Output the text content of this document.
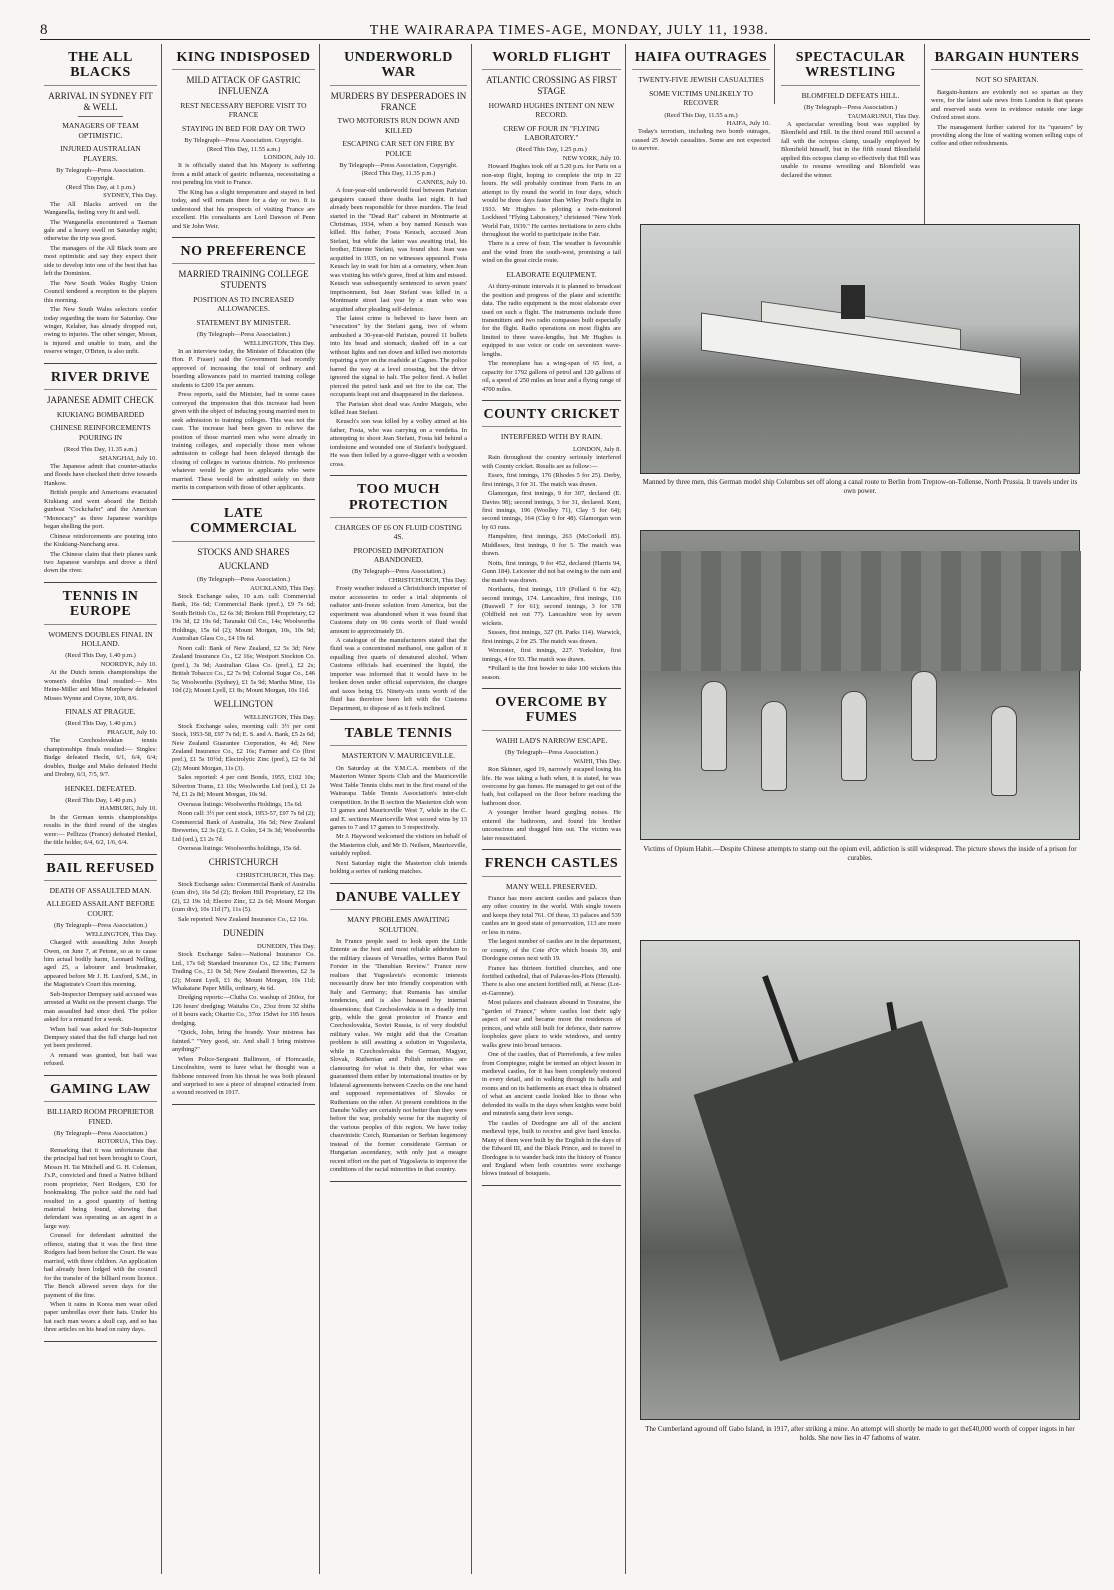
8	THE WAIRARAPA TIMES-AGE, MONDAY, JULY 11, 1938.
THE ALL BLACKS
ARRIVAL IN SYDNEY FIT & WELL
MANAGERS OF TEAM OPTIMISTIC.
INJURED AUSTRALIAN PLAYERS.
By Telegraph—Press Association. Copyright.
(Recd This Day, at 1 p.m.)
SYDNEY, This Day.

The All Blacks arrived on the Wanganella, feeling very fit and well.

The Wanganella encountered a Tasman gale and a heavy swell on Saturday night; otherwise the trip was good.

The managers of the All Black team are most optimistic and say they expect their side to develop into one of the best that has left the Dominion.

The New South Wales Rugby Union Council tendered a reception to the players this morning.

The New South Wales selectors confer today regarding the team for Saturday. One winger, Kelaher, has already dropped out, owing to injuries. The other winger, Moran, is injured and unable to train, and the reserve winger, O'Brien, is also unfit.

RIVER DRIVE
JAPANESE ADMIT CHECK
KIUKIANG BOMBARDED
CHINESE REINFORCEMENTS POURING IN
(Recd This Day, 11.35 a.m.)
SHANGHAI, July 10.

The Japanese admit that counter-attacks and floods have checked their drive towards Hankow.

British people and Americans evacuated Kiukiang and went aboard the British gunboat "Cockchafer" and the American "Monocacy" as three Japanese warships began shelling the port.

Chinese reinforcements are pouring into the Kiukiang-Nanchang area.

The Chinese claim that their planes sank two Japanese warships and drove a third down the river.

TENNIS IN EUROPE
WOMEN'S DOUBLES FINAL IN HOLLAND.
(Recd This Day, 1.40 p.m.)
NOORDYK, July 10.

At the Dutch tennis championships the women's doubles final resulted:— Mrs Heine-Miller and Miss Morpherw defeated Misses Wynne and Coyne, 10/8, 8/6.

FINALS AT PRAGUE.
(Recd This Day, 1.40 p.m.)
PRAGUE, July 10.

The Czechoslovakian tennis championships finals resulted:— Singles: Budge defeated Hecht, 6/1, 6/4, 6/4; doubles, Budge and Mako defeated Hecht and Drobny, 6/3, 7/5, 9/7.

HENKEL DEFEATED.
(Recd This Day, 1.40 p.m.)
HAMBURG, July 10.

In the German tennis championships results in the third round of the singles were:— Pellizza (France) defeated Henkel, the title holder, 6/4, 6/2, 1/6, 6/4.

BAIL REFUSED
DEATH OF ASSAULTED MAN.
ALLEGED ASSAILANT BEFORE COURT.
(By Telegraph—Press Association.)
WELLINGTON, This Day.

Charged with assaulting John Joseph Owen, on June 7, at Petone, so as to cause him actual bodily harm, Leonard Nelling, aged 25, a labourer and brushmaker, appeared before Mr J. H. Luxford, S.M., in the Magistrate's Court this morning.

Sub-Inspector Dempsey said accused was arrested at Waihi on the present charge. The man assaulted had since died. The police asked for a remand for a week.

When bail was asked for Sub-Inspector Dempsey stated that the full charge had not yet been preferred.

A remand was granted, but bail was refused.

GAMING LAW
BILLIARD ROOM PROPRIETOR FINED.
(By Telegraph—Press Association.)
ROTORUA, This Day.

Remarking that it was unfortunate that the principal had not been brought to Court, Messrs H. Tai Mitchell and G. H. Coleman, J's.P., convicted and fined a Native billiard room proprietor, Neri Rodgers, £30 for bookmaking. The police said the raid had resulted in a good quantity of betting material being found, showing that defendant was operating as an agent in a large way.

Counsel for defendant admitted the offence, stating that it was the first time Rodgers had been before the Court. He was married, with three children. An application had already been lodged with the council for the transfer of the billiard room licence. The Bench allowed seven days for the payment of the fine.

When it rains in Korea men wear oiled paper umbrellas over their hats. Under his hat each man wears a skull cap, and so has three articles on his head on rainy days.

KING INDISPOSED
MILD ATTACK OF GASTRIC INFLUENZA
REST NECESSARY BEFORE VISIT TO FRANCE
STAYING IN BED FOR DAY OR TWO
By Telegraph—Press Association. Copyright.
(Recd This Day, 11.55 a.m.)
LONDON, July 10.

It is officially stated that his Majesty is suffering from a mild attack of gastric influenza, necessitating a rest pending his visit to France.

The King has a slight temperature and stayed in bed today, and will remain there for a day or two. It is understood that his prospects of visiting France are excellent. His consultants are Lord Dawson of Penn and Sir John Weir.

NO PREFERENCE
MARRIED TRAINING COLLEGE STUDENTS
POSITION AS TO INCREASED ALLOWANCES.
STATEMENT BY MINISTER.
(By Telegraph—Press Association.)
WELLINGTON, This Day.

In an interview today, the Minister of Education (the Hon. P. Fraser) said the Government had recently approved of increasing the total of ordinary and boarding allowances paid to married training college students to £209 15s per annum.

Press reports, said the Minister, had in some cases conveyed the impression that this increase had been given with the object of inducing young married men to seek admission to training colleges. This was not the case. The increase had been given to relieve the position of those married men who were already in training colleges, and especially those men whose admission to college had been delayed through the closing of colleges in various districts. No preference whatever would be given to applicants who were married. These would be admitted solely on their merits in comparison with those of other applicants.

LATE COMMERCIAL
STOCKS AND SHARES
AUCKLAND
(By Telegraph—Press Association.)
AUCKLAND, This Day.

Stock Exchange sales, 10 a.m. call: Commercial Bank, 16s 6d; Commercial Bank (pref.), £9 7s 6d; South British Co., £2 6s 3d; Broken Hill Proprietary, £2 19s 3d, £2 19s 6d; Taranaki Oil Co., 14s; Woolworths Holdings, 15s 6d (2); Mount Morgan, 10s, 10s 9d; Australian Glass Co., £4 19s 6d.

Noon call: Bank of New Zealand, £2 5s 3d; New Zealand Insurance Co., £2 16s; Westport Stockton Co. (pref.), 3s 9d; Australian Glass Co. (pref.), £2 2s; British Tobacco Co., £2 7s 9d; Colonial Sugar Co., £46 5s; Woolworths (Sydney), £1 5s 9d; Martha Mine, 11s 10d (2); Mount Lyell, £1 8s; Mount Morgan, 10s 11d.

WELLINGTON
WELLINGTON, This Day.

Stock Exchange sales, morning call: 3½ per cent Stock, 1953-58, £97 7s 6d; E. S. and A. Bank, £5 2s 6d; New Zealand Guarantee Corporation, 4s 4d; New Zealand Insurance Co., £2 16s; Farmer and Co (first pref.), £1 5s 10½d; Electrolytic Zinc (pref.), £2 6s 3d (2); Mount Morgan, 11s (3).

Sales reported: 4 per cent Bonds, 1955, £102 10s; Silverton Trams, £1 10s; Woolworths Ltd (ord.), £1 2s 7d, £1 2s 8d; Mount Morgan, 10s 9d.

Overseas listings: Woolworths Holdings, 15s 6d.

Noon call: 3½ per cent stock, 1953-57, £97 7s 6d (2); Commercial Bank of Australia, 16s 5d; New Zealand Breweries, £2 3s (2); G. J. Coles, £4 3s 3d; Woolworths Ltd (ord.), £1 2s 7d.

Overseas listings: Woolworths holdings, 15s 6d.

CHRISTCHURCH
CHRISTCHURCH, This Day.

Stock Exchange sales: Commercial Bank of Australia (cum div), 16s 5d (2); Broken Hill Proprietary, £2 19s (2), £2 19s 1d; Electro Zinc, £2 2s 6d; Mount Morgan (cum div), 10s 11d (7), 11s (5).

Sale reported: New Zealand Insurance Co., £2 16s.

DUNEDIN
DUNEDIN, This Day.

Stock Exchange Sales:—National Insurance Co. Ltd., 17s 6d; Standard Insurance Co., £2 18s; Farmers Trading Co., £1 0s 5d; New Zealand Breweries, £2 3s (2); Mount Lyell, £1 8s; Mount Morgan, 10s 11d; Whakatane Paper Mills, ordinary, 4s 6d.

Dredging reports:—Clutha Co. washup of 260oz, for 126 hours' dredging; Waitahu Co., 23oz from 32 shifts of 8 hours each; Okarito Co., 37oz 15dwt for 195 hours dredging.

"Quick, John, bring the brandy. Your mistress has fainted." "Very good, sir. And shall I bring mistress anything?"

When Police-Sergeant Bullimore, of Horncastle, Lincolnshire, went to have what he thought was a fishbone removed from his throat he was both pleased and surprised to see a piece of shrapnel extracted from a wound received in 1917.

UNDERWORLD WAR
MURDERS BY DESPERADOES IN FRANCE
TWO MOTORISTS RUN DOWN AND KILLED
ESCAPING CAR SET ON FIRE BY POLICE
By Telegraph—Press Association, Copyright.
(Recd This Day, 11.35 p.m.)
CANNES, July 10.

A four-year-old underworld feud between Parisian gangsters caused three deaths last night. It had already been responsible for three murders. The feud started in the "Dead Rat" cabaret in Montmarte at Christmas, 1934, when a boy named Keusch was killed. His father, Fosta Keusch, accused Jean Stefani, but while the latter was awaiting trial, his brother, Etienne Stefani, was found shot. Jean was acquitted in 1935, on no witnesses appeared. Fosta Keusch lay in wait for him at a cemetery, when Jean was visiting his wife's grave, fired at him and missed. Keusch was subsequently sentenced to seven years' imprisonment, but Jean Stefani was killed in a Montmarte street last year by a man who was acquitted after pleading self-defence.

The latest crime is believed to have been an "execution" by the Stefani gang, two of whom ambushed a 30-year-old Parisian, poured 11 bullets into his head and stomach, dashed off in a car without lights and ran down and killed two motorists repairing a tyre on the roadside at Cagnes. The police barred the way at a level crossing, but the driver ignored the signal to halt. The police fired. A bullet pierced the petrol tank and set fire to the car. The occupants leapt out and disappeared in the darkness.

The Parisian shot dead was Andre Marguis, who killed Jean Stefani.

Keusch's son was killed by a volley aimed at his father, Fosta, who was carrying on a vendetta. In attempting to shoot Jean Stefani, Fosta hid behind a tombstone and wounded one of Stefani's bodyguard. He was then felled by a grave-digger with a wooden cross.

TOO MUCH PROTECTION
CHARGES OF £6 ON FLUID COSTING 4S.
PROPOSED IMPORTATION ABANDONED.
(By Telegraph—Press Association.)
CHRISTCHURCH, This Day.

Frosty weather induced a Christchurch importer of motor accessories to order a trial shipments of radiator anti-freeze solution from America, but the experiment was abandoned when it was found that Customs duty on 96 cents worth of fluid would amount to approximately £6.

A catalogue of the manufacturers stated that the fluid was a concentrated methanol, one gallon of it equalling five quarts of denatured alcohol. When Customs officials had examined the liquid, the importer was informed that it would have to be broken down under official supervision, the charges and taxes being £6. Ninety-six cents worth of the fluid has therefore been left with the Customs Department, to dispose of as it feels inclined.

TABLE TENNIS
MASTERTON V. MAURICEVILLE.

On Saturday at the Y.M.C.A. members of the Masterton Winter Sports Club and the Mauriceville West Table Tennis clubs met in the first round of the Wairarapa Table Tennis Association's inter-club competition. In the B section the Masterton club won 13 games and Mauriceville West 7, while in the C. and E. sections Mauriceville West scored wins by 13 games to 7 and 17 games to 3 respectively.

Mr J. Haywood welcomed the visitors on behalf of the Masterton club, and Mr D. Neilsen, Mauriceville, suitably replied.

Next Saturday night the Masterton club intends holding a series of ranking matches.

DANUBE VALLEY
MANY PROBLEMS AWAITING SOLUTION.

In France people used to look upon the Little Entente as the best and most reliable addendum to the military clauses of Versailles, writes Baron Paul Forster in the "Danubian Review." France now realises that Yugoslavia's economic interests necessarily draw her into friendly cooperation with Italy and Germany; that Rumania has similar tendencies, and is also harassed by internal dissensions; that Czechoslovakia is in a deadly iron grip, while the great protector of France and Czechoslovakia, Soviet Russia, is of very doubtful military value. We might add that the Croatian problem is still awaiting a solution in Yugoslavia, while in Czechoslovakia the German, Magyar, Slovak, Ruthenian and Polish minorities are clamouring for what is their due, for what was guaranteed them either by international treaties or by bilateral agreements between Czechs on the one hand and supposed representatives of Slovaks or Ruthenians on the other. At present conditions in the Danube Valley are certainly not better than they were before the war, probably worse for the majority of the various peoples of this region. We have today chauvinistic Czech, Rumanian or Serbian hegemony instead of the former considerate German or Hungarian ascendancy, with only just a meagre recent effort on the part of Yugoslavia to improve the conditions of the racial minorities in that country.

WORLD FLIGHT
ATLANTIC CROSSING AS FIRST STAGE
HOWARD HUGHES INTENT ON NEW RECORD.
CREW OF FOUR IN "FLYING LABORATORY."
(Recd This Day, 1.25 p.m.)
NEW YORK, July 10.

Howard Hughes took off at 5.20 p.m. for Paris on a non-stop flight, hoping to complete the trip in 22 hours. He will probably continue from Paris in an attempt to fly round the world in four days, which would be three days faster than Wiley Post's flight in 1933. Mr Hughes is piloting a twin-motored Lockheed "Flying Laboratory," christened "New York World Fair, 1939." He carries invitations to zero clubs throughout the world to participate in the Fair.

There is a crew of four. The weather is favourable and the wind from the south-west, promising a tail wind on the great circle route.

ELABORATE EQUIPMENT.

At thirty-minute intervals it is planned to broadcast the position and progress of the plane and scientific data. The radio equipment is the most elaborate ever used on such a flight. The instruments include three transmitters and two radio compasses built especially for the flight. Radio operations on most flights are limited to three wave-lengths, but Mr Hughes is equipped to use voice or code on seventeen wave-lengths.

The monoplane has a wing-span of 65 feet, a capacity for 1792 gallons of petrol and 120 gallons of oil, a speed of 250 miles an hour and a flying range of 4700 miles.

COUNTY CRICKET
INTERFERED WITH BY RAIN.
LONDON, July 8.

Rain throughout the country seriously interfered with County cricket. Results are as follow:—

Essex, first innings, 176 (Rhodes 5 for 25). Derby, first innings, 3 for 31. The match was drawn.

Glamorgan, first innings, 9 for 307, declared (E. Davies 98); second innings, 3 for 31, declared. Kent, first innings, 196 (Woolley 71), Clay 5 for 64); second innings, 164 (Clay 6 for 48). Glamorgan won by 63 runs.

Hampshire, first innings, 263 (McCorkell 85). Middlesex, first innings, 0 for 5. The match was drawn.

Notts, first innings, 9 for 452, declared (Harris 94, Gunn 184). Leicester did not bat owing to the rain and the match was drawn.

Northants, first innings, 119 (Pollard 6 for 42); second innings, 174. Lancashire, first innings, 116 (Buswell 7 for 61); second innings, 3 for 178 (Oldfield not out 77). Lancashire won by seven wickets.

Sussex, first innings, 327 (H. Parks 114). Warwick, first innings, 2 for 25. The match was drawn.

Worcester, first innings, 227. Yorkshire, first innings, 4 for 93. The match was drawn.

*Pollard is the first bowler to take 100 wickets this season.

OVERCOME BY FUMES
WAIHI LAD'S NARROW ESCAPE.
(By Telegraph—Press Association.)
WAIHI, This Day.

Ron Skinner, aged 19, narrowly escaped losing his life. He was taking a bath when, it is stated, he was overcome by gas fumes. He managed to get out of the bath, but collapsed on the floor before reaching the bathroom door.

A younger brother heard gurgling noises. He entered the bathroom, and found his brother unconscious and dragged him out. The victim was later resuscitated.

FRENCH CASTLES
MANY WELL PRESERVED.

France has more ancient castles and palaces than any other country in the world. With single towers and keeps they total 761. Of these, 33 palaces and 539 castles are in good state of preservation, 113 are more or less in ruins.

The largest number of castles are in the department, or county, of the Cote d'Or which boasts 39, and Dordogne comes next with 19.

France has thirteen fortified churches, and one fortified cathedral, that of Palavas-les-Flots (Herault). There is also one ancient fortified mill, at Nerac (Lot-et-Garonne).

Most palaces and chateaux abound in Touraine, the "garden of France," where castles lost their ugly aspect of war and became more the residences of princes, and while still built for defence, their narrow loopholes gave place to wide windows, and sentry walks grew into broad terraces.

One of the castles, that of Pierrefonds, a few miles from Compiegne, might be termed an object lesson in medieval castles, for it has been completely restored in every detail, and in walking through its halls and rooms and on its battlements an exact idea is obtained of what an ancient castle looked like to those who defended its walls in the days when knights were bold and minstrels sang their love songs.

The castles of Dordogne are all of the ancient medieval type, built to receive and give hard knocks. Many of them were built by the English in the days of the Edward III, and the Black Prince, and to travel in Dordogne is to wander back into the history of France and England when both countries were exchange blows instead of bouquets.

HAIFA OUTRAGES
TWENTY-FIVE JEWISH CASUALTIES
SOME VICTIMS UNLIKELY TO RECOVER
(Recd This Day, 11.55 a.m.)
HAIFA, July 10.

Today's terrorism, including two bomb outrages, caused 25 Jewish casualties. Some are not expected to survive.

SPECTACULAR WRESTLING
BLOMFIELD DEFEATS HILL.
(By Telegraph—Press Association.)
TAUMARUNUI, This Day.

A spectacular wrestling bout was supplied by Blomfield and Hill. In the third round Hill secured a fall with the octopus clamp, usually employed by Blomfield himself, but in the fifth round Blomfield applied this octopus clamp so effectively that Hill was unable to resume wrestling and Blomfield was declared the winner.

BARGAIN HUNTERS
NOT SO SPARTAN.

Bargain-hunters are evidently not so spartan as they were, for the latest sale news from London is that queues and reserved seats were in evidence outside one large Oxford street store.

The management further catered for its "queuers" by providing along the line of waiting women selling cups of coffee and other refreshments.

Manned by three men, this German model ship Columbus set off along a canal route to Berlin from Treptow-on-Tollense, North Prussia. It travels under its own power.
Victims of Opium Habit.—Despite Chinese attempts to stamp out the opium evil, addiction is still widespread. The picture shows the inside of a prison for curables.
The Cumberland aground off Gabo Island, in 1917, after striking a mine. An attempt will shortly be made to get the£40,000 worth of copper ingots in her holds. She now lies in 47 fathoms of water.
